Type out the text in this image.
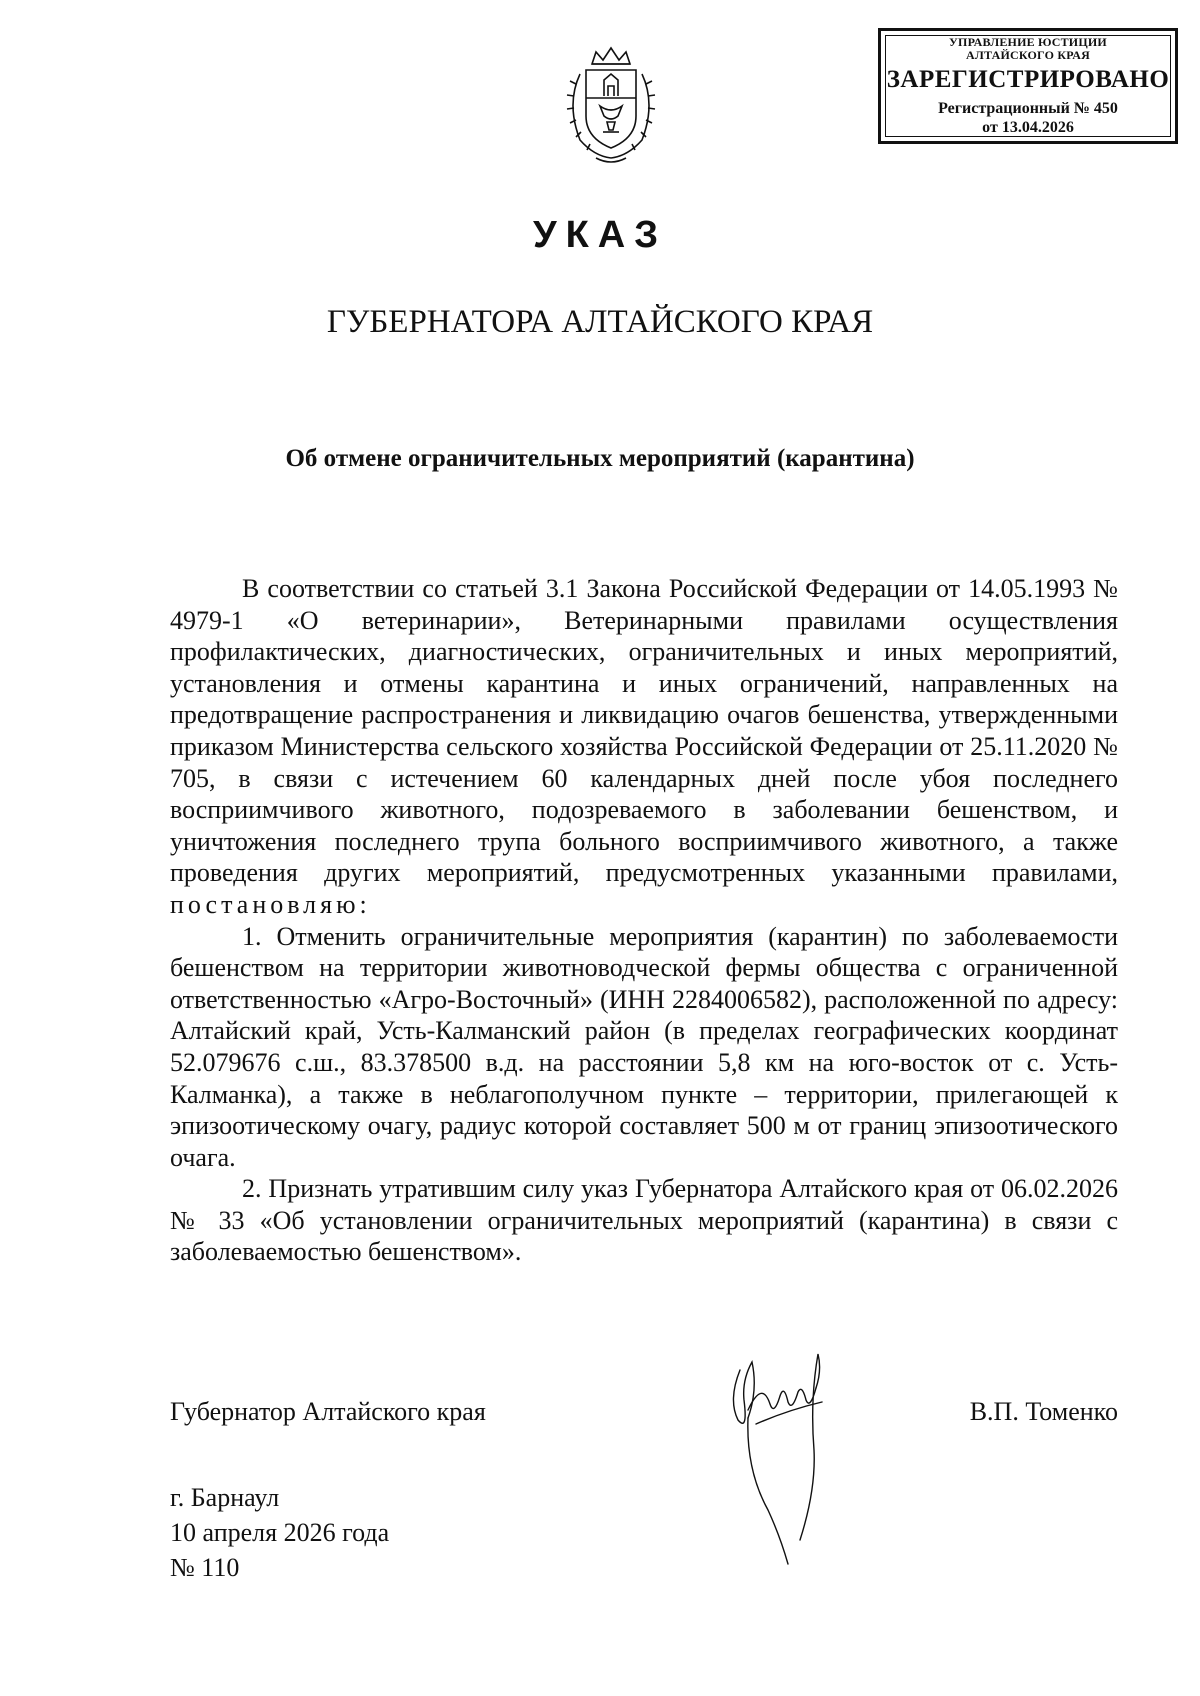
УПРАВЛЕНИЕ ЮСТИЦИИ
АЛТАЙСКОГО КРАЯ
ЗАРЕГИСТРИРОВАНО
Регистрационный № 450
от 13.04.2026
УКАЗ
ГУБЕРНАТОРА АЛТАЙСКОГО КРАЯ
Об отмене ограничительных мероприятий (карантина)

В соответствии со статьей 3.1 Закона Российской Федерации от 14.05.1993 № 4979-1 «О ветеринарии», Ветеринарными правилами осуществления профилактических, диагностических, ограничительных и иных мероприятий, установления и отмены карантина и иных ограничений, направленных на предотвращение распространения и ликвидацию очагов бешенства, утвержденными приказом Министерства сельского хозяйства Российской Федерации от 25.11.2020 № 705, в связи с истечением 60 календарных дней после убоя последнего восприимчивого животного, подозреваемого в заболевании бешенством, и уничтожения последнего трупа больного восприимчивого животного, а также проведения других мероприятий, предусмотренных указанными правилами, постановляю:

1. Отменить ограничительные мероприятия (карантин) по заболеваемости бешенством на территории животноводческой фермы общества с ограниченной ответственностью «Агро-Восточный» (ИНН 2284006582), расположенной по адресу: Алтайский край, Усть-Калманский район (в пределах географических координат 52.079676 с.ш., 83.378500 в.д. на расстоянии 5,8 км на юго-восток от с. Усть-Калманка), а также в неблагополучном пункте – территории, прилегающей к эпизоотическому очагу, радиус которой составляет 500 м от границ эпизоотического очага.

2. Признать утратившим силу указ Губернатора Алтайского края от 06.02.2026 № 33 «Об установлении ограничительных мероприятий (карантина) в связи с заболеваемостью бешенством».

Губернатор Алтайского края	В.П. Томенко
г. Барнаул
10 апреля 2026 года
№ 110
